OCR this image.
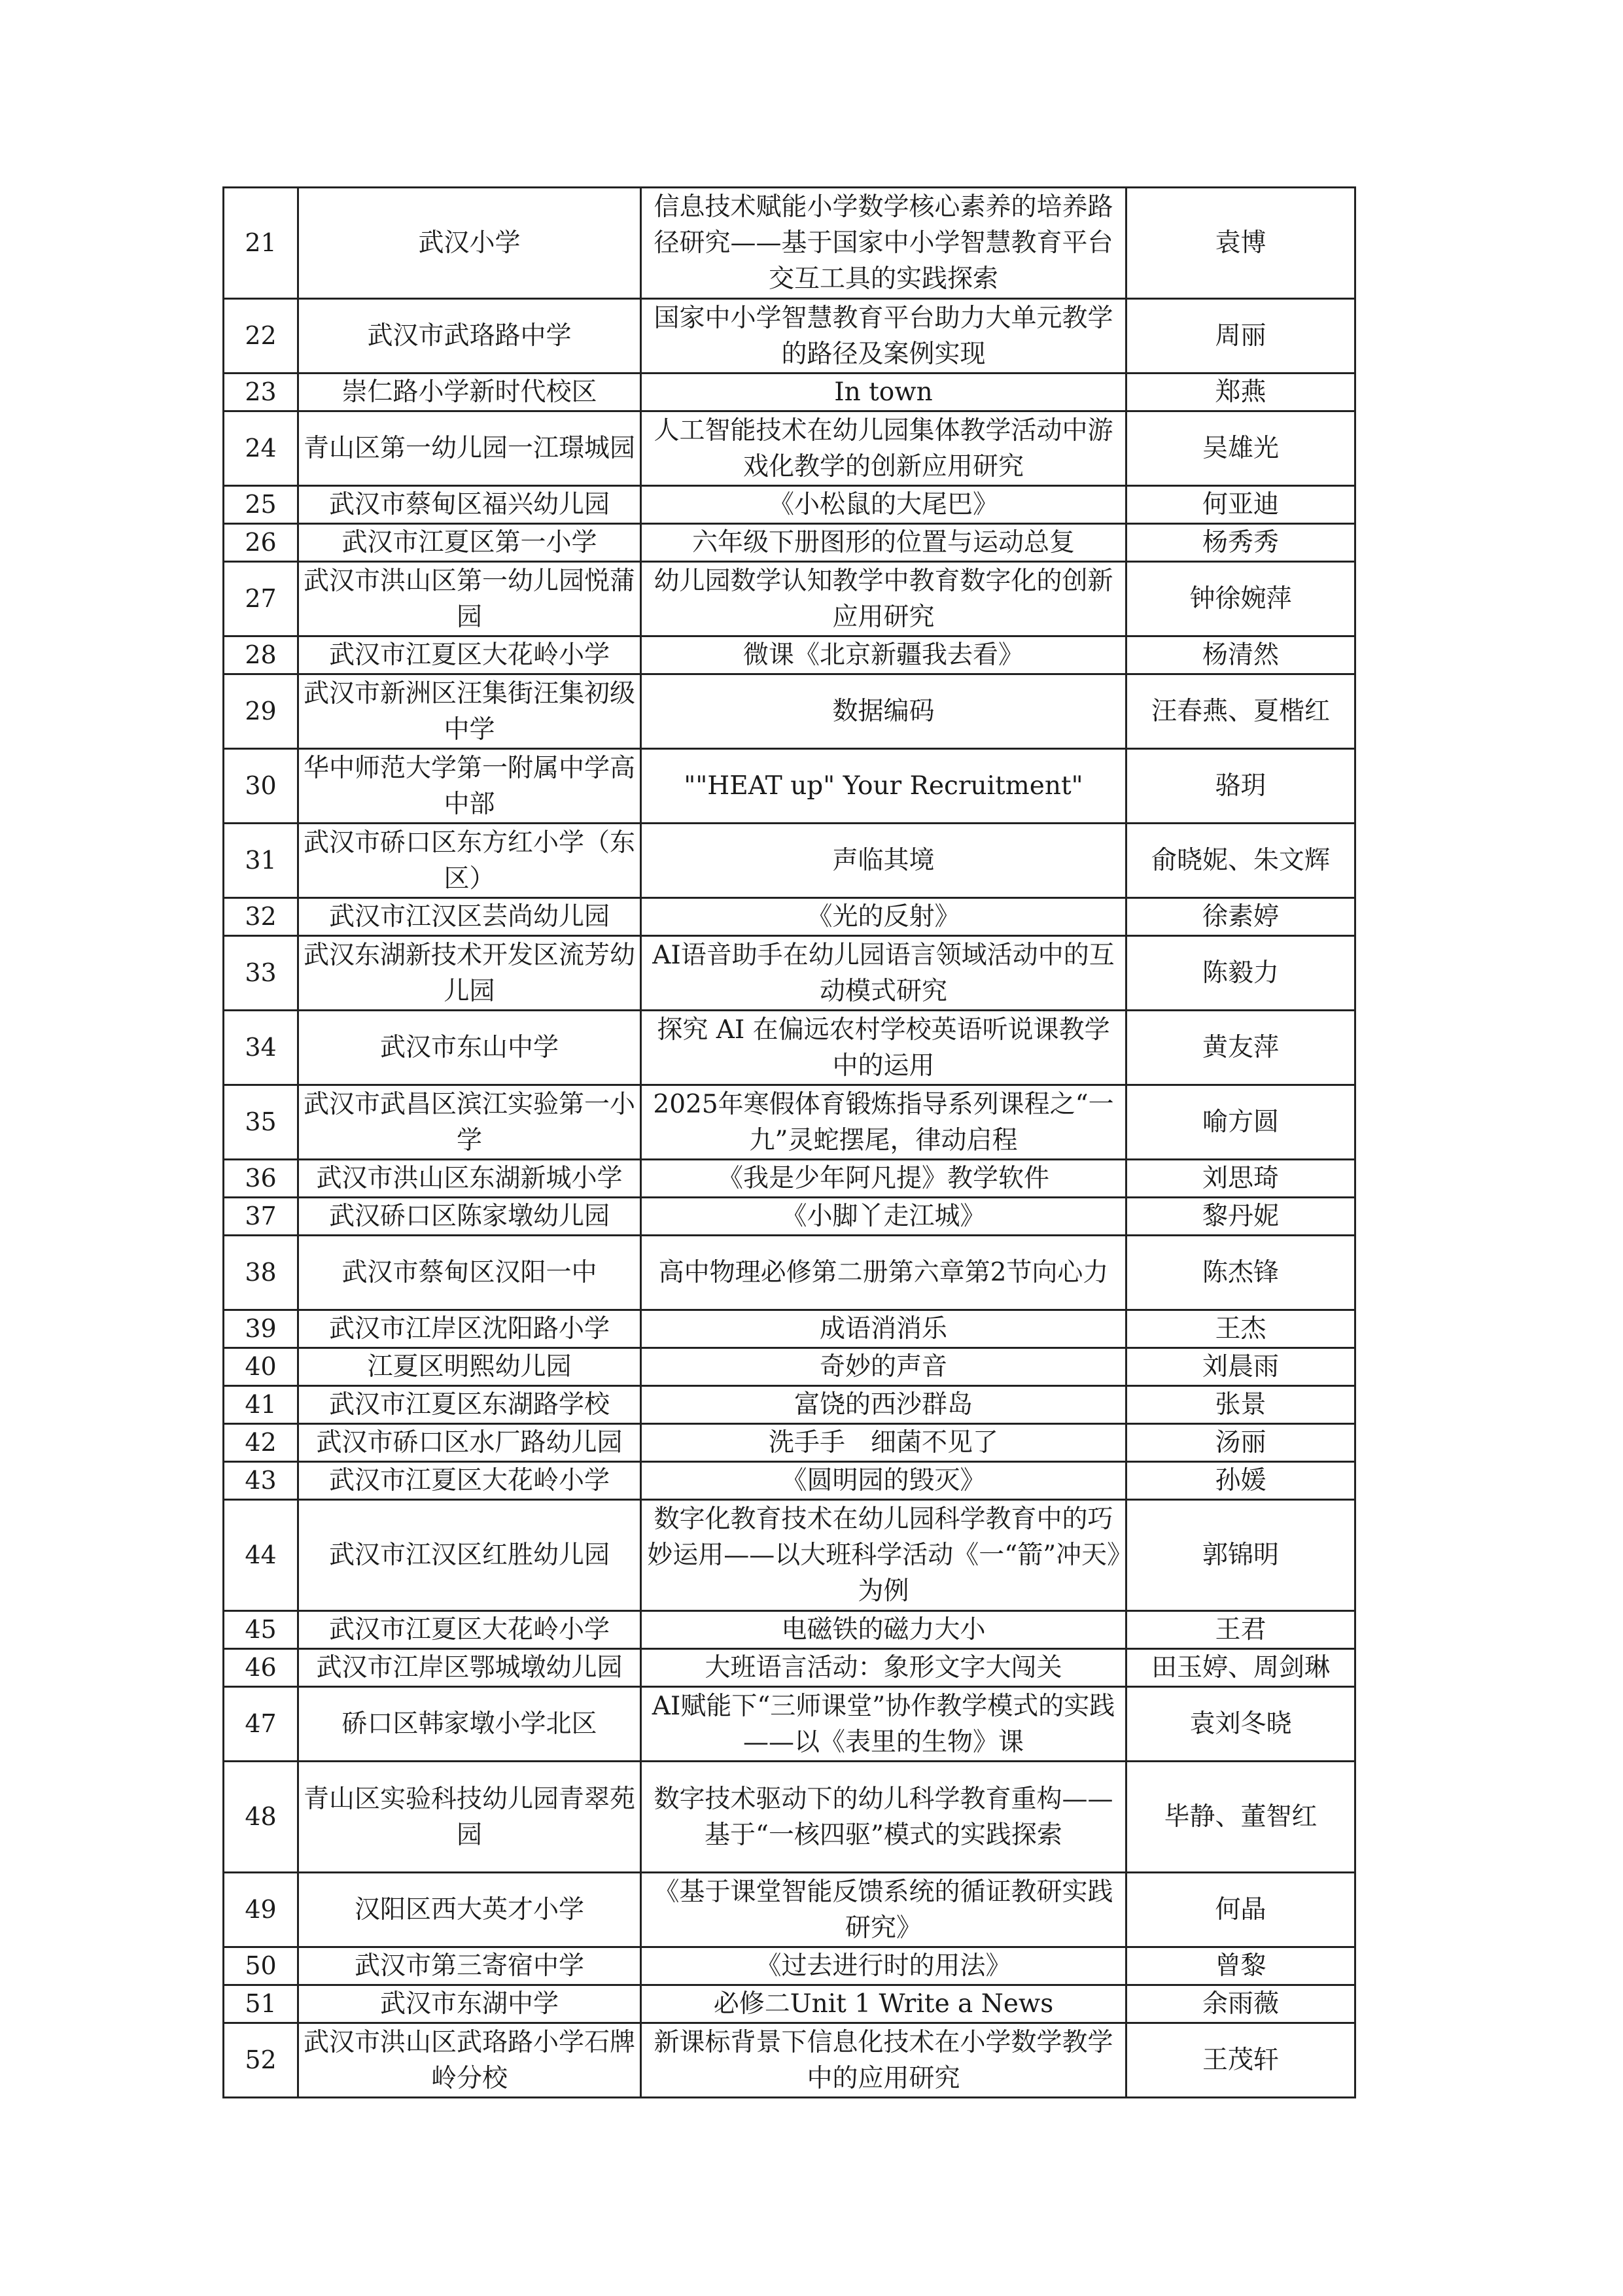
21	武汉小学	信息技术赋能小学数学核心素养的培养路径研究——基于国家中小学智慧教育平台交互工具的实践探索	袁博
22	武汉市武珞路中学	国家中小学智慧教育平台助力大单元教学的路径及案例实现	周丽
23	崇仁路小学新时代校区	In town	郑燕
24	青山区第一幼儿园一江璟城园	人工智能技术在幼儿园集体教学活动中游戏化教学的创新应用研究	吴雄光
25	武汉市蔡甸区福兴幼儿园	《小松鼠的大尾巴》	何亚迪
26	武汉市江夏区第一小学	六年级下册图形的位置与运动总复	杨秀秀
27	武汉市洪山区第一幼儿园悦蒲园	幼儿园数学认知教学中教育数字化的创新应用研究	钟徐婉萍
28	武汉市江夏区大花岭小学	微课《北京新疆我去看》	杨清然
29	武汉市新洲区汪集街汪集初级中学	数据编码	汪春燕、夏楷红
30	华中师范大学第一附属中学高中部	""HEAT up" Your Recruitment"	骆玥
31	武汉市硚口区东方红小学（东区）	声临其境	俞晓妮、朱文辉
32	武汉市江汉区芸尚幼儿园	《光的反射》	徐素婷
33	武汉东湖新技术开发区流芳幼儿园	AI语音助手在幼儿园语言领域活动中的互动模式研究	陈毅力
34	武汉市东山中学	探究 AI 在偏远农村学校英语听说课教学中的运用	黄友萍
35	武汉市武昌区滨江实验第一小学	2025年寒假体育锻炼指导系列课程之“一九”灵蛇摆尾，律动启程	喻方圆
36	武汉市洪山区东湖新城小学	《我是少年阿凡提》教学软件	刘思琦
37	武汉硚口区陈家墩幼儿园	《小脚丫走江城》	黎丹妮
38	武汉市蔡甸区汉阳一中	高中物理必修第二册第六章第2节向心力	陈杰锋
39	武汉市江岸区沈阳路小学	成语消消乐	王杰
40	江夏区明熙幼儿园	奇妙的声音	刘晨雨
41	武汉市江夏区东湖路学校	富饶的西沙群岛	张景
42	武汉市硚口区水厂路幼儿园	洗手手　细菌不见了	汤丽
43	武汉市江夏区大花岭小学	《圆明园的毁灭》	孙媛
44	武汉市江汉区红胜幼儿园	数字化教育技术在幼儿园科学教育中的巧妙运用——以大班科学活动《一“箭”冲天》为例	郭锦明
45	武汉市江夏区大花岭小学	电磁铁的磁力大小	王君
46	武汉市江岸区鄂城墩幼儿园	大班语言活动：象形文字大闯关	田玉婷、周剑琳
47	硚口区韩家墩小学北区	AI赋能下“三师课堂”协作教学模式的实践——以《表里的生物》课	袁刘冬晓
48	青山区实验科技幼儿园青翠苑园	数字技术驱动下的幼儿科学教育重构——基于“一核四驱”模式的实践探索	毕静、董智红
49	汉阳区西大英才小学	《基于课堂智能反馈系统的循证教研实践研究》	何晶
50	武汉市第三寄宿中学	《过去进行时的用法》	曾黎
51	武汉市东湖中学	必修二Unit 1 Write a News	余雨薇
52	武汉市洪山区武珞路小学石牌岭分校	新课标背景下信息化技术在小学数学教学中的应用研究	王茂轩
